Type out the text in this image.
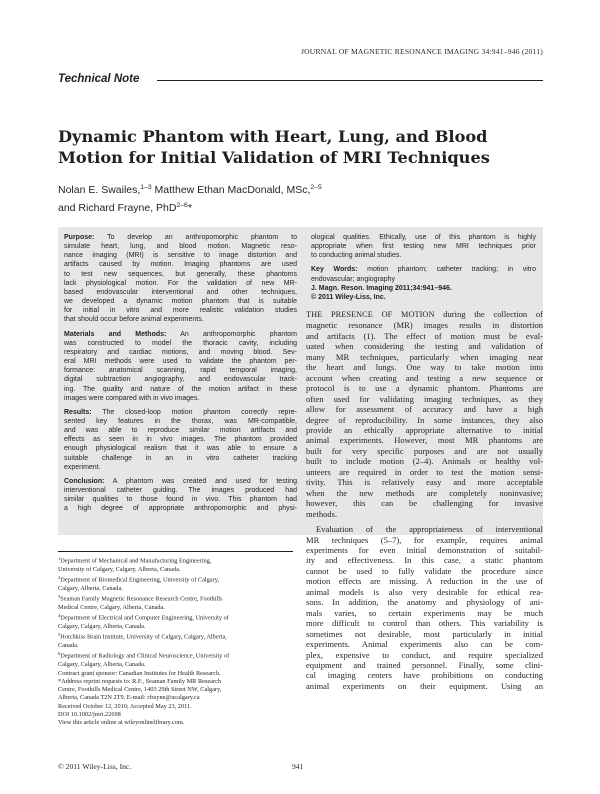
JOURNAL OF MAGNETIC RESONANCE IMAGING 34:941–946 (2011)
Technical Note
Dynamic Phantom with Heart, Lung, and Blood
Motion for Initial Validation of MRI Techniques
Nolan E. Swailes,$^{1-3}$ Matthew Ethan MacDonald, MSc,$^{2-5}$
and Richard Frayne, PhD$^{2-6}$*

Purpose: To develop an anthropomorphic phantom to
simulate heart, lung, and blood motion. Magnetic reso-
nance imaging (MRI) is sensitive to image distortion and
artifacts caused by motion. Imaging phantoms are used
to test new sequences, but generally, these phantoms
lack physiological motion. For the validation of new MR-
based endovascular interventional and other techniques,
we developed a dynamic motion phantom that is suitable
for initial in vitro and more realistic validation studies
that should occur before animal experiments.

Materials and Methods: An anthropomorphic phantom
was constructed to model the thoracic cavity, including
respiratory and cardiac motions, and moving blood. Sev-
eral MRI methods were used to validate the phantom per-
formance: anatomical scanning, rapid temporal imaging,
digital subtraction angiography, and endovascular track-
ing. The quality and nature of the motion artifact in these
images were compared with in vivo images.

Results: The closed-loop motion phantom correctly repre-
sented key features in the thorax, was MR-compatible,
and was able to reproduce similar motion artifacts and
effects as seen in in vivo images. The phantom provided
enough physiological realism that it was able to ensure a
suitable challenge in an in vitro catheter tracking
experiment.

Conclusion: A phantom was created and used for testing
interventional catheter guiding. The images produced had
similar qualities to those found in vivo. This phantom had
a high degree of appropriate anthropomorphic and physi-

ological qualities. Ethically, use of this phantom is highly
appropriate when first testing new MRI techniques prior
to conducting animal studies.

Key Words: motion phantom; catheter tracking; in vitro
endovascular; angiography
J. Magn. Reson. Imaging 2011;34:941–946.
© 2011 Wiley-Liss, Inc.

THE PRESENCE OF MOTION during the collection of
magnetic resonance (MR) images results in distortion
and artifacts (1). The effect of motion must be eval-
uated when considering the testing and validation of
many MR techniques, particularly when imaging near
the heart and lungs. One way to take motion into
account when creating and testing a new sequence or
protocol is to use a dynamic phantom. Phantoms are
often used for validating imaging techniques, as they
allow for assessment of accuracy and have a high
degree of reproducibility. In some instances, they also
provide an ethically appropriate alternative to initial
animal experiments. However, most MR phantoms are
built for very specific purposes and are not usually
built to include motion (2–4). Animals or healthy vol-
unteers are required in order to test the motion sensi-
tivity. This is relatively easy and more acceptable
when the new methods are completely noninvasive;
however, this can be challenging for invasive
methods.
Evaluation of the appropriateness of interventional
MR techniques (5–7), for example, requires animal
experiments for even initial demonstration of suitabil-
ity and effectiveness. In this case, a static phantom
cannot be used to fully validate the procedure since
motion effects are missing. A reduction in the use of
animal models is also very desirable for ethical rea-
sons. In addition, the anatomy and physiology of ani-
mals varies, so certain experiments may be much
more difficult to control than others. This variability is
sometimes not desirable, most particularly in initial
experiments. Animal experiments also can be com-
plex, expensive to conduct, and require specialized
equipment and trained personnel. Finally, some clini-
cal imaging centers have prohibitions on conducting
animal experiments on their equipment. Using an
$^1$Department of Mechanical and Manufacturing Engineering,
University of Calgary, Calgary, Alberta, Canada.
$^2$Department of Biomedical Engineering, University of Calgary,
Calgary, Alberta, Canada.
$^3$Seaman Family Magnetic Resonance Research Centre, Foothills
Medical Centre, Calgary, Alberta, Canada.
$^4$Department of Electrical and Computer Engineering, University of
Calgary, Calgary, Alberta, Canada.
$^5$Hotchkiss Brain Institute, University of Calgary, Calgary, Alberta,
Canada.
$^6$Department of Radiology and Clinical Neuroscience, University of
Calgary, Calgary, Alberta, Canada.
Contract grant sponsor: Canadian Institutes for Health Research.
*Address reprint requests to: R.F., Seaman Family MR Research
Centre, Foothills Medical Centre, 1403 29th Street NW, Calgary,
Alberta, Canada T2N 2T9. E-mail: rfrayne@ucalgary.ca
Received October 12, 2010; Accepted May 23, 2011.
DOI 10.1002/jmri.22698
View this article online at wileyonlinelibrary.com.
© 2011 Wiley-Liss, Inc.	941
